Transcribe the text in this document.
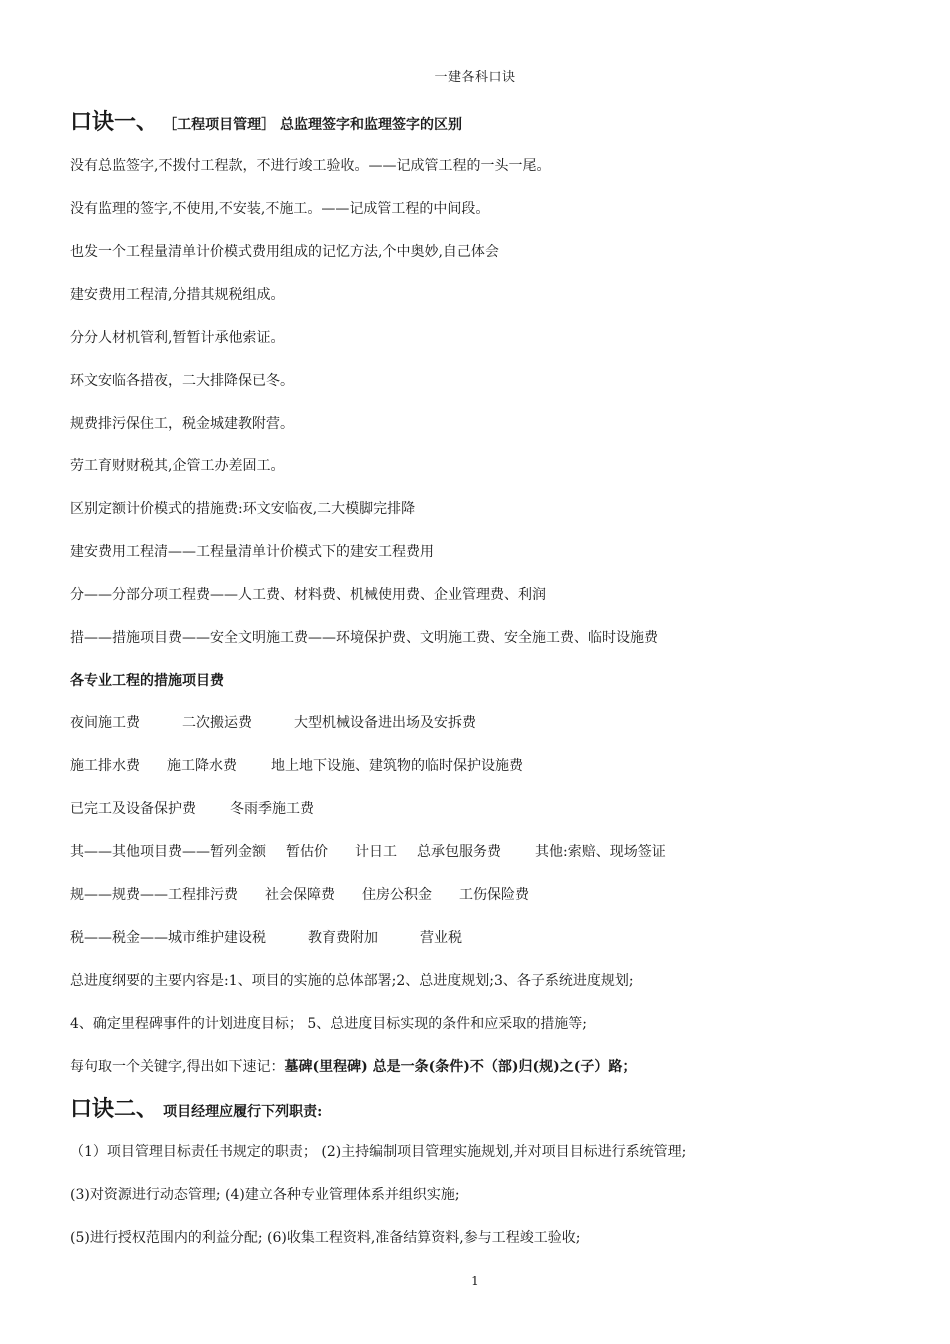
一建各科口诀
口诀一、 ［工程项目管理］ 总监理签字和监理签字的区别
没有总监签字,不拨付工程款，不进行竣工验收。——记成管工程的一头一尾。
没有监理的签字,不使用,不安装,不施工。——记成管工程的中间段。
也发一个工程量清单计价模式费用组成的记忆方法,个中奥妙,自己体会
建安费用工程清,分措其规税组成。
分分人材机管利,暂暂计承他索证。
环文安临各措夜，二大排降保已冬。
规费排污保住工，税金城建教附营。
劳工育财财税其,企管工办差固工。
区别定额计价模式的措施费:环文安临夜,二大模脚完排降
建安费用工程清——工程量清单计价模式下的建安工程费用
分——分部分项工程费——人工费、材料费、机械使用费、企业管理费、利润
措——措施项目费——安全文明施工费——环境保护费、文明施工费、安全施工费、临时设施费
各专业工程的措施项目费
夜间施工费	二次搬运费	大型机械设备进出场及安拆费
施工排水费 施工降水费 地上地下设施、建筑物的临时保护设施费
已完工及设备保护费 冬雨季施工费
其——其他项目费——暂列金额 暂估价 计日工 总承包服务费 其他:索赔、现场签证
规——规费——工程排污费 社会保障费 住房公积金 工伤保险费
税——税金——城市维护建设税	教育费附加	营业税
总进度纲要的主要内容是:1、项目的实施的总体部署;2、总进度规划;3、各子系统进度规划;
4、确定里程碑事件的计划进度目标； 5、总进度目标实现的条件和应采取的措施等;
每句取一个关键字,得出如下速记：墓碑(里程碑) 总是一条(条件)不（部)归(规)之(子）路；
口诀二、 项目经理应履行下列职责:
（1）项目管理目标责任书规定的职责； (2)主持编制项目管理实施规划,并对项目目标进行系统管理;
(3)对资源进行动态管理; (4)建立各种专业管理体系并组织实施;
(5)进行授权范围内的利益分配; (6)收集工程资料,准备结算资料,参与工程竣工验收;
1
